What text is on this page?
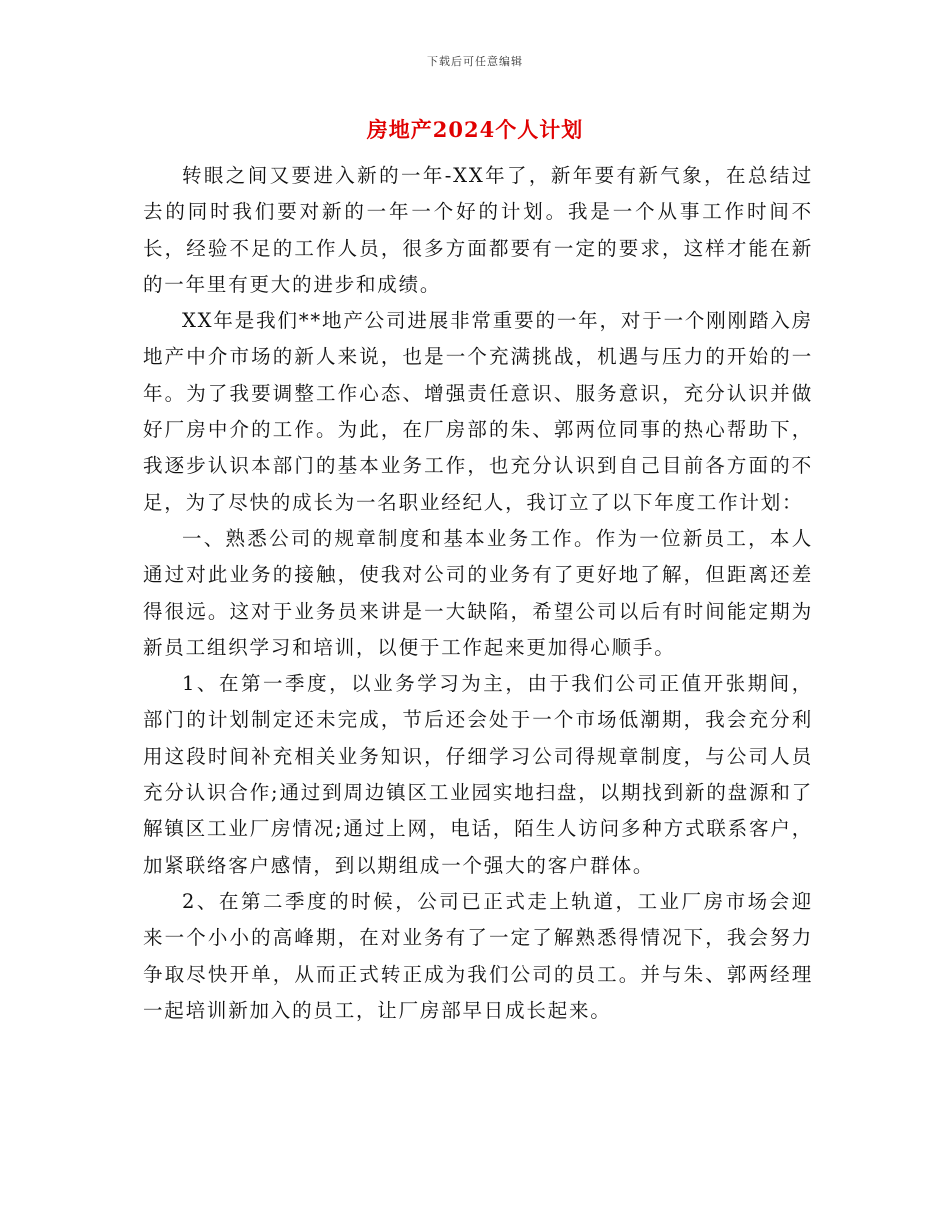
下载后可任意编辑
房地产2024个人计划

转眼之间又要进入新的一年-XX年了，新年要有新气象，在总结过去的同时我们要对新的一年一个好的计划。我是一个从事工作时间不长，经验不足的工作人员，很多方面都要有一定的要求，这样才能在新的一年里有更大的进步和成绩。

XX年是我们**地产公司进展非常重要的一年，对于一个刚刚踏入房地产中介市场的新人来说，也是一个充满挑战，机遇与压力的开始的一年。为了我要调整工作心态、增强责任意识、服务意识，充分认识并做好厂房中介的工作。为此，在厂房部的朱、郭两位同事的热心帮助下，我逐步认识本部门的基本业务工作，也充分认识到自己目前各方面的不足，为了尽快的成长为一名职业经纪人，我订立了以下年度工作计划：

一、熟悉公司的规章制度和基本业务工作。作为一位新员工，本人通过对此业务的接触，使我对公司的业务有了更好地了解，但距离还差得很远。这对于业务员来讲是一大缺陷，希望公司以后有时间能定期为新员工组织学习和培训，以便于工作起来更加得心顺手。

1、在第一季度，以业务学习为主，由于我们公司正值开张期间，部门的计划制定还未完成，节后还会处于一个市场低潮期，我会充分利用这段时间补充相关业务知识，仔细学习公司得规章制度，与公司人员充分认识合作;通过到周边镇区工业园实地扫盘，以期找到新的盘源和了解镇区工业厂房情况;通过上网，电话，陌生人访问多种方式联系客户，加紧联络客户感情，到以期组成一个强大的客户群体。

2、在第二季度的时候，公司已正式走上轨道，工业厂房市场会迎来一个小小的高峰期，在对业务有了一定了解熟悉得情况下，我会努力争取尽快开单，从而正式转正成为我们公司的员工。并与朱、郭两经理一起培训新加入的员工，让厂房部早日成长起来。
